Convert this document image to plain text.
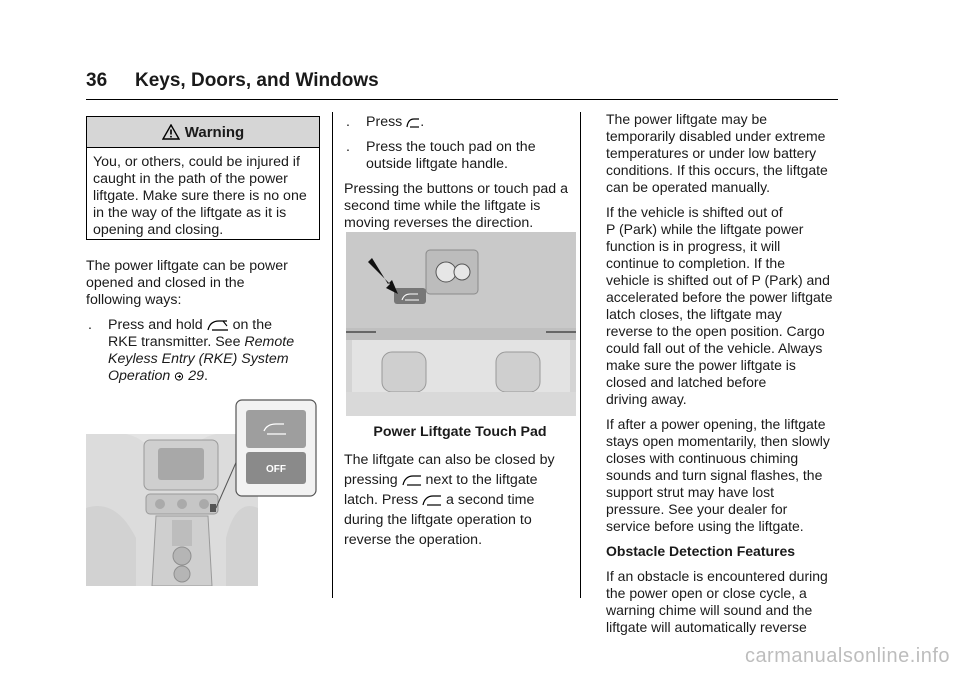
36 Keys, Doors, and Windows
Warning
You, or others, could be injured if
caught in the path of the power
liftgate. Make sure there is no one
in the way of the liftgate as it is
opening and closing.

The power liftgate can be power
opened and closed in the
following ways:

. Press and hold on the
RKE transmitter. See Remote
Keyless Entry (RKE) System
Operation 29.
OFF
. Press .
. Press the touch pad on the
outside liftgate handle.

Pressing the buttons or touch pad a
second time while the liftgate is
moving reverses the direction.

Power Liftgate Touch Pad
The liftgate can also be closed by
pressing next to the liftgate
latch. Press a second time
during the liftgate operation to
reverse the operation.

The power liftgate may be
temporarily disabled under extreme
temperatures or under low battery
conditions. If this occurs, the liftgate
can be operated manually.

If the vehicle is shifted out of
P (Park) while the liftgate power
function is in progress, it will
continue to completion. If the
vehicle is shifted out of P (Park) and
accelerated before the power liftgate
latch closes, the liftgate may
reverse to the open position. Cargo
could fall out of the vehicle. Always
make sure the power liftgate is
closed and latched before
driving away.

If after a power opening, the liftgate
stays open momentarily, then slowly
closes with continuous chiming
sounds and turn signal flashes, the
support strut may have lost
pressure. See your dealer for
service before using the liftgate.

Obstacle Detection Features

If an obstacle is encountered during
the power open or close cycle, a
warning chime will sound and the
liftgate will automatically reverse

carmanualsonline.info
